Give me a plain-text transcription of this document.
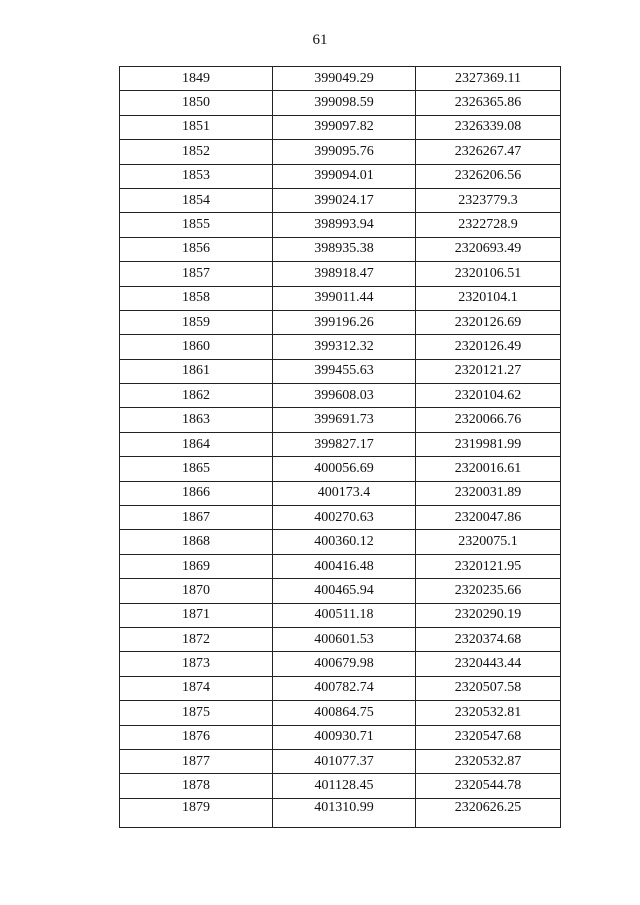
61
1849	399049.29	2327369.11
1850	399098.59	2326365.86
1851	399097.82	2326339.08
1852	399095.76	2326267.47
1853	399094.01	2326206.56
1854	399024.17	2323779.3
1855	398993.94	2322728.9
1856	398935.38	2320693.49
1857	398918.47	2320106.51
1858	399011.44	2320104.1
1859	399196.26	2320126.69
1860	399312.32	2320126.49
1861	399455.63	2320121.27
1862	399608.03	2320104.62
1863	399691.73	2320066.76
1864	399827.17	2319981.99
1865	400056.69	2320016.61
1866	400173.4	2320031.89
1867	400270.63	2320047.86
1868	400360.12	2320075.1
1869	400416.48	2320121.95
1870	400465.94	2320235.66
1871	400511.18	2320290.19
1872	400601.53	2320374.68
1873	400679.98	2320443.44
1874	400782.74	2320507.58
1875	400864.75	2320532.81
1876	400930.71	2320547.68
1877	401077.37	2320532.87
1878	401128.45	2320544.78
1879	401310.99	2320626.25
